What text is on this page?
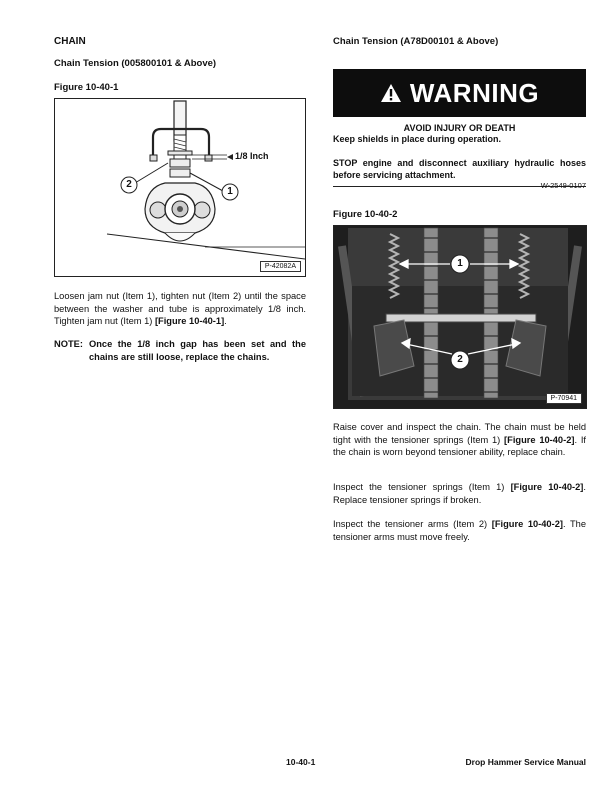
CHAIN
Chain Tension (005800101 & Above)
Figure 10-40-1
2
1
1/8 Inch
P-42082A
Loosen jam nut (Item 1), tighten nut (Item 2) until the space between the washer and tube is approximately 1/8 inch. Tighten jam nut (Item 1) [Figure 10-40-1].
NOTE: Once the 1/8 inch gap has been set and the chains are still loose, replace the chains.
Chain Tension (A78D00101 & Above)
WARNING
AVOID INJURY OR DEATH
Keep shields in place during operation.
STOP engine and disconnect auxiliary hydraulic hoses before servicing attachment.
W-2549-0107
Figure 10-40-2
1
2
P-70941
Raise cover and inspect the chain. The chain must be held tight with the tensioner springs (Item 1) [Figure 10-40-2]. If the chain is worn beyond tensioner ability, replace chain.
Inspect the tensioner springs (Item 1) [Figure 10-40-2]. Replace tensioner springs if broken.
Inspect the tensioner arms (Item 2) [Figure 10-40-2]. The tensioner arms must move freely.
10-40-1	Drop Hammer Service Manual
